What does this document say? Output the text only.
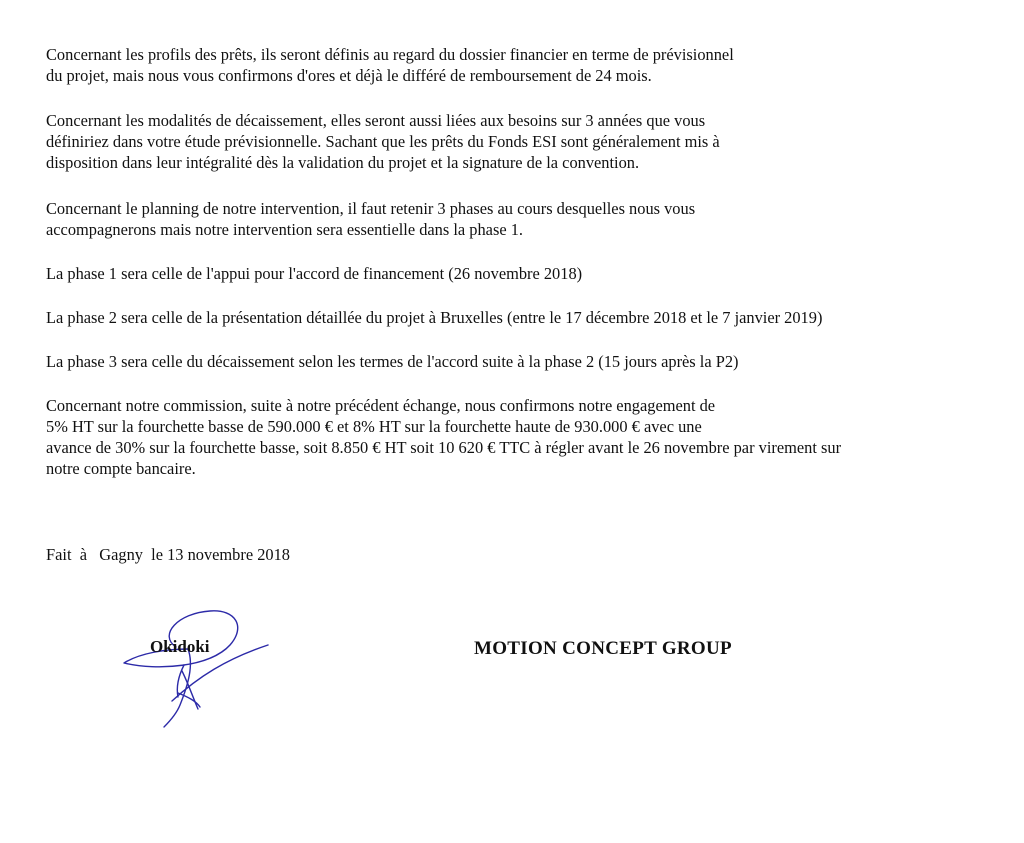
Concernant les profils des prêts, ils seront définis au regard du dossier financier en terme de prévisionnel
du projet, mais nous vous confirmons d'ores et déjà le différé de remboursement de 24 mois.
Concernant les modalités de décaissement, elles seront aussi liées aux besoins sur 3 années que vous
définiriez dans votre étude prévisionnelle. Sachant que les prêts du Fonds ESI sont généralement mis à
disposition dans leur intégralité dès la validation du projet et la signature de la convention.
Concernant le planning de notre intervention, il faut retenir 3 phases au cours desquelles nous vous
accompagnerons mais notre intervention sera essentielle dans la phase 1.
La phase 1 sera celle de l'appui pour l'accord de financement (26 novembre 2018)
La phase 2 sera celle de la présentation détaillée du projet à Bruxelles (entre le 17 décembre 2018 et le 7 janvier 2019)
La phase 3 sera celle du décaissement selon les termes de l'accord suite à la phase 2 (15 jours après la P2)
Concernant notre commission, suite à notre précédent échange, nous confirmons notre engagement de
5% HT sur la fourchette basse de 590.000 € et 8% HT sur la fourchette haute de 930.000 € avec une
avance de 30% sur la fourchette basse, soit 8.850 € HT soit 10 620 € TTC à régler avant le 26 novembre par virement sur
notre compte bancaire.
Fait  à   Gagny  le 13 novembre 2018
Okidoki	MOTION CONCEPT GROUP
